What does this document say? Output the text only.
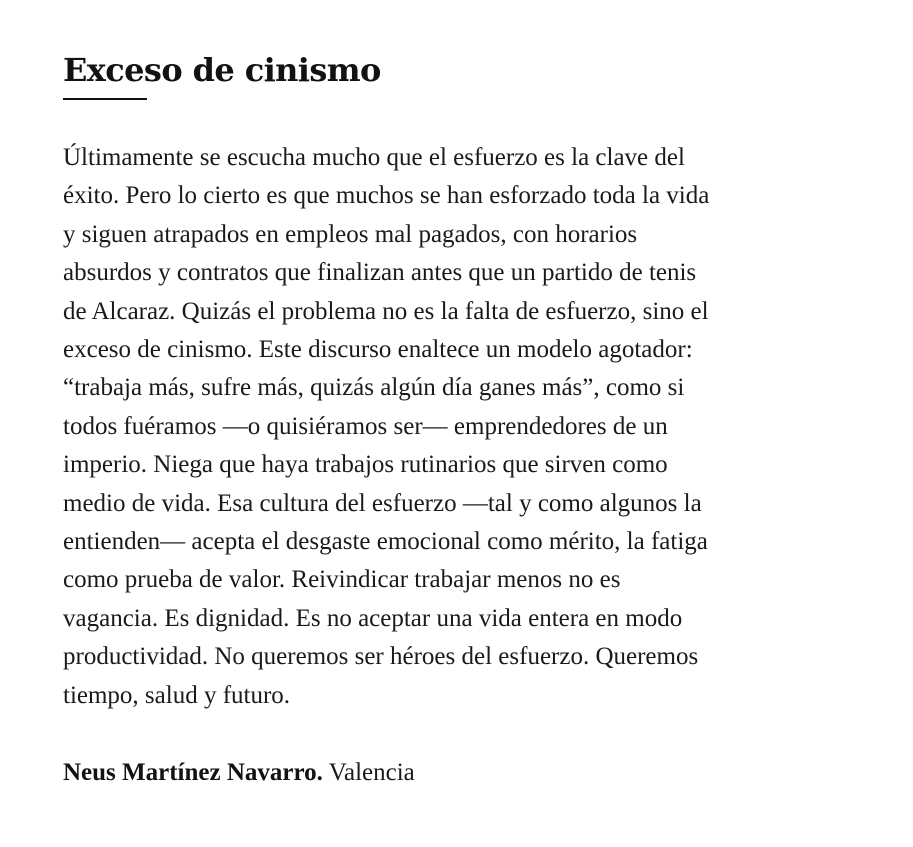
Exceso de cinismo

Últimamente se escucha mucho que el esfuerzo es la clave del
éxito. Pero lo cierto es que muchos se han esforzado toda la vida
y siguen atrapados en empleos mal pagados, con horarios
absurdos y contratos que finalizan antes que un partido de tenis
de Alcaraz. Quizás el problema no es la falta de esfuerzo, sino el
exceso de cinismo. Este discurso enaltece un modelo agotador:
“trabaja más, sufre más, quizás algún día ganes más”, como si
todos fuéramos —o quisiéramos ser— emprendedores de un
imperio. Niega que haya trabajos rutinarios que sirven como
medio de vida. Esa cultura del esfuerzo —tal y como algunos la
entienden— acepta el desgaste emocional como mérito, la fatiga
como prueba de valor. Reivindicar trabajar menos no es
vagancia. Es dignidad. Es no aceptar una vida entera en modo
productividad. No queremos ser héroes del esfuerzo. Queremos
tiempo, salud y futuro.

Neus Martínez Navarro. Valencia
